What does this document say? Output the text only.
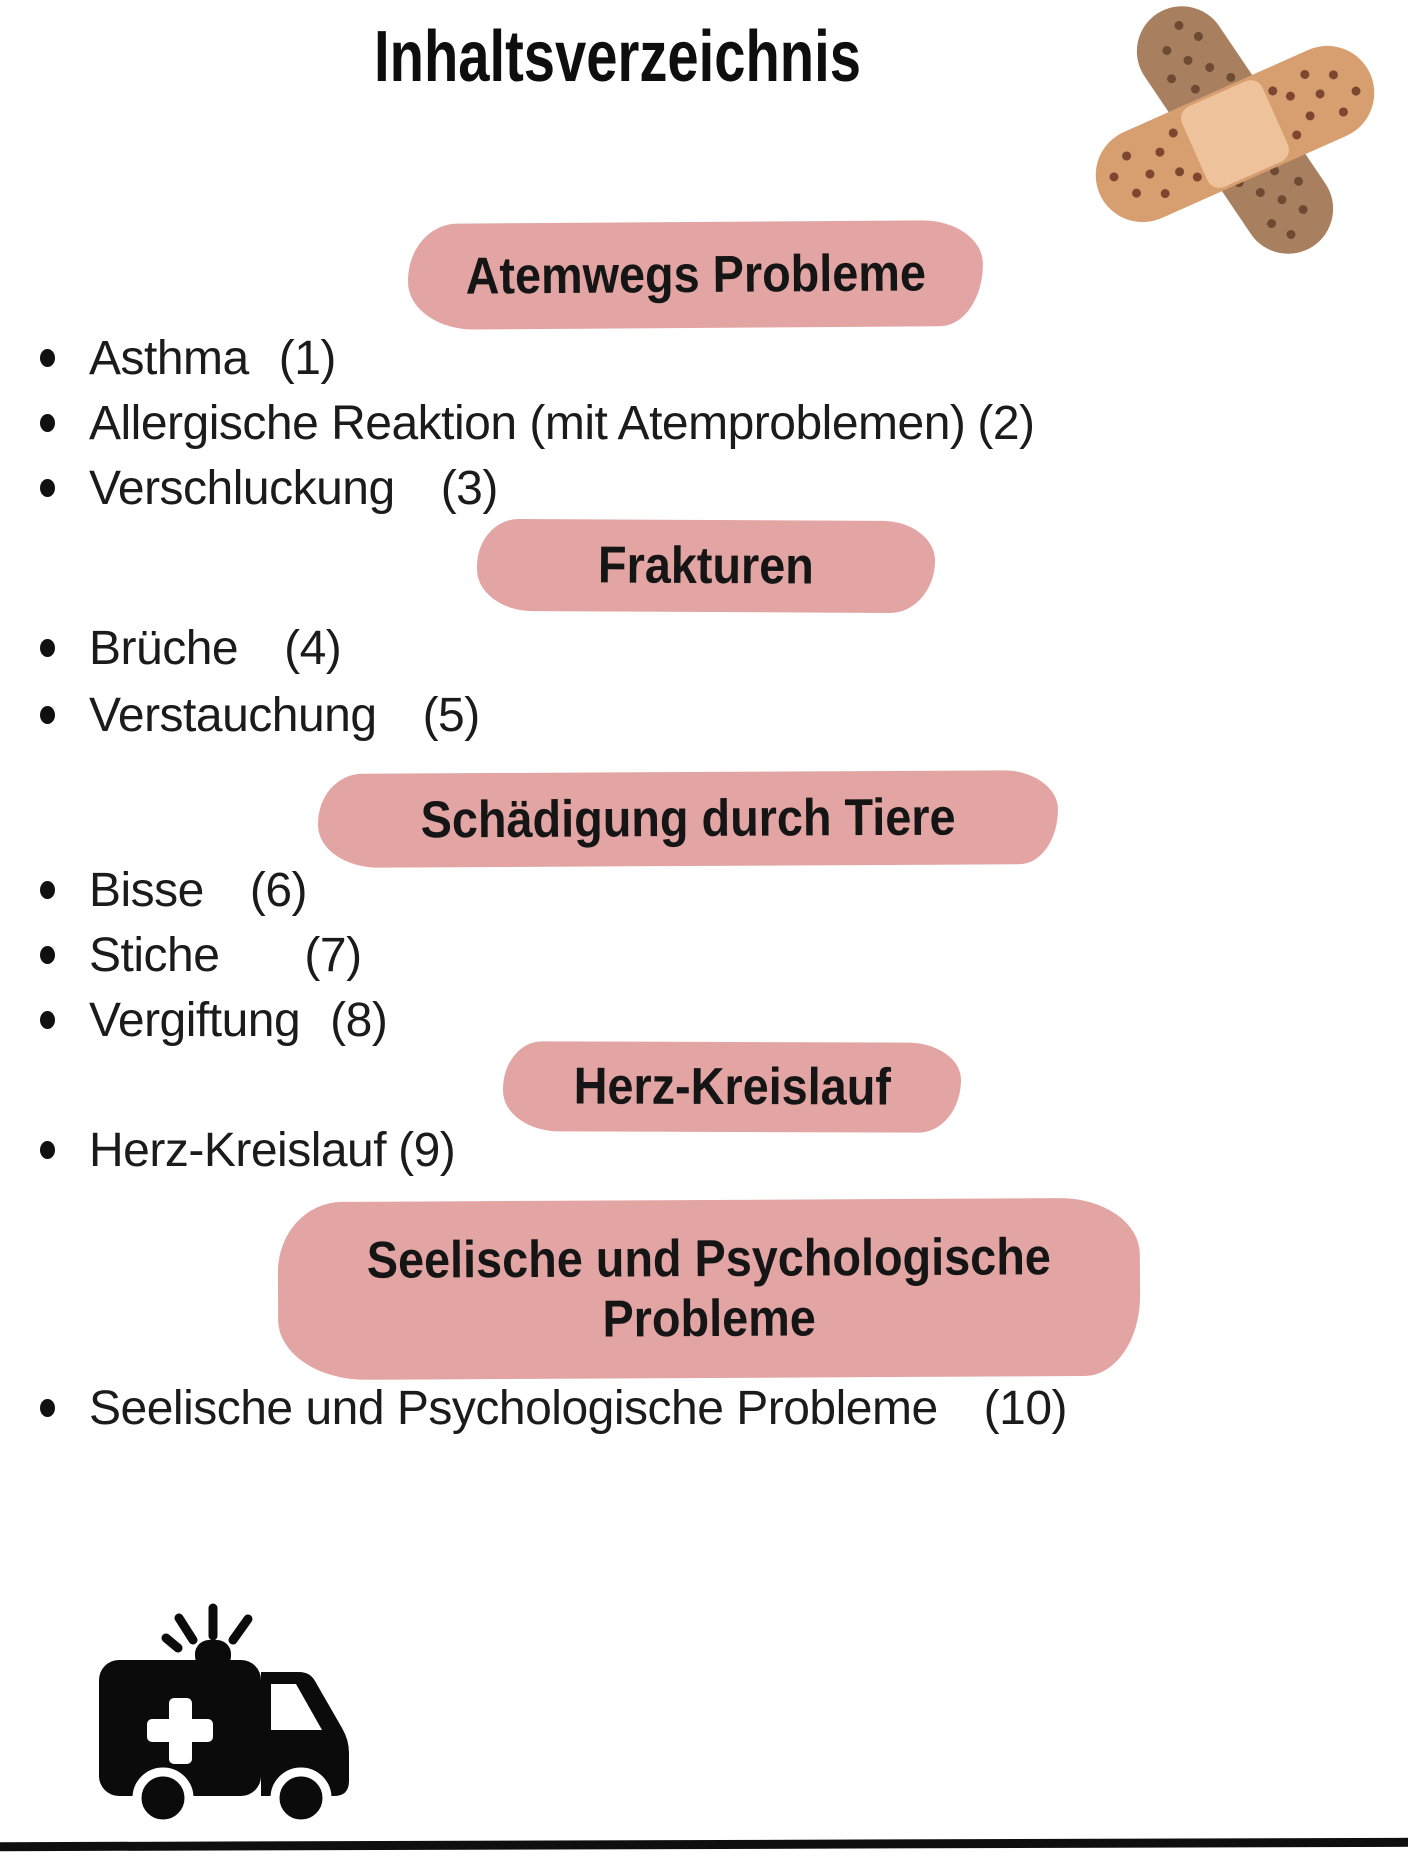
Inhaltsverzeichnis
Atemwegs Probleme
Asthma (1)
Allergische Reaktion (mit Atemproblemen) (2)
Verschluckung (3)
Frakturen
Brüche (4)
Verstauchung (5)
Schädigung durch Tiere
Bisse (6)
Stiche (7)
Vergiftung (8)
Herz-Kreislauf
Herz-Kreislauf (9)
Seelische und Psychologische Probleme
Seelische und Psychologische Probleme (10)
